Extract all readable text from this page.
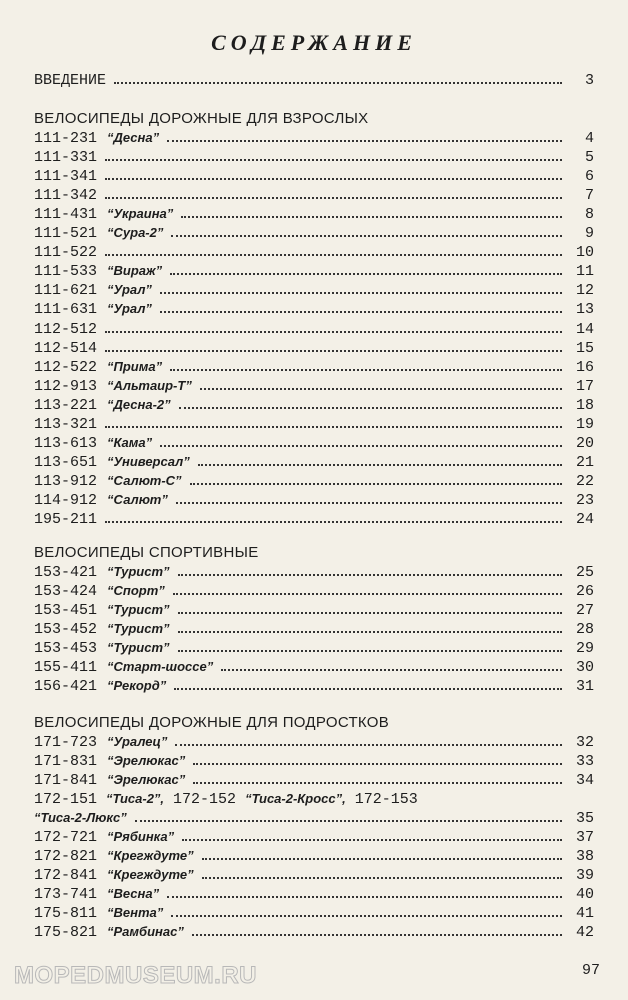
СОДЕРЖАНИЕ
ВВЕДЕНИЕ	3
ВЕЛОСИПЕДЫ ДОРОЖНЫЕ ДЛЯ ВЗРОСЛЫХ
111-231 “Десна”	4
111-331	5
111-341	6
111-342	7
111-431 “Украина”	8
111-521 “Сура-2”	9
111-522	10
111-533 “Вираж”	11
111-621 “Урал”	12
111-631 “Урал”	13
112-512	14
112-514	15
112-522 “Прима”	16
112-913 “Альтаир-Т”	17
113-221 “Десна-2”	18
113-321	19
113-613 “Кама”	20
113-651 “Универсал”	21
113-912 “Салют-С”	22
114-912 “Салют”	23
195-211	24
ВЕЛОСИПЕДЫ СПОРТИВНЫЕ
153-421 “Турист”	25
153-424 “Спорт”	26
153-451 “Турист”	27
153-452 “Турист”	28
153-453 “Турист”	29
155-411 “Старт-шоссе”	30
156-421 “Рекорд”	31
ВЕЛОСИПЕДЫ ДОРОЖНЫЕ ДЛЯ ПОДРОСТКОВ
171-723 “Уралец”	32
171-831 “Эрелюкас”	33
171-841 “Эрелюкас”	34
172-151 “Тиса-2”, 172-152 “Тиса-2-Кросс”, 172-153
“Тиса-2-Люкс”	35
172-721 “Рябинка”	37
172-821 “Крегждуте”	38
172-841 “Крегждуте”	39
173-741 “Весна”	40
175-811 “Вента”	41
175-821 “Рамбинас”	42
MOPEDMUSEUM.RU	97
